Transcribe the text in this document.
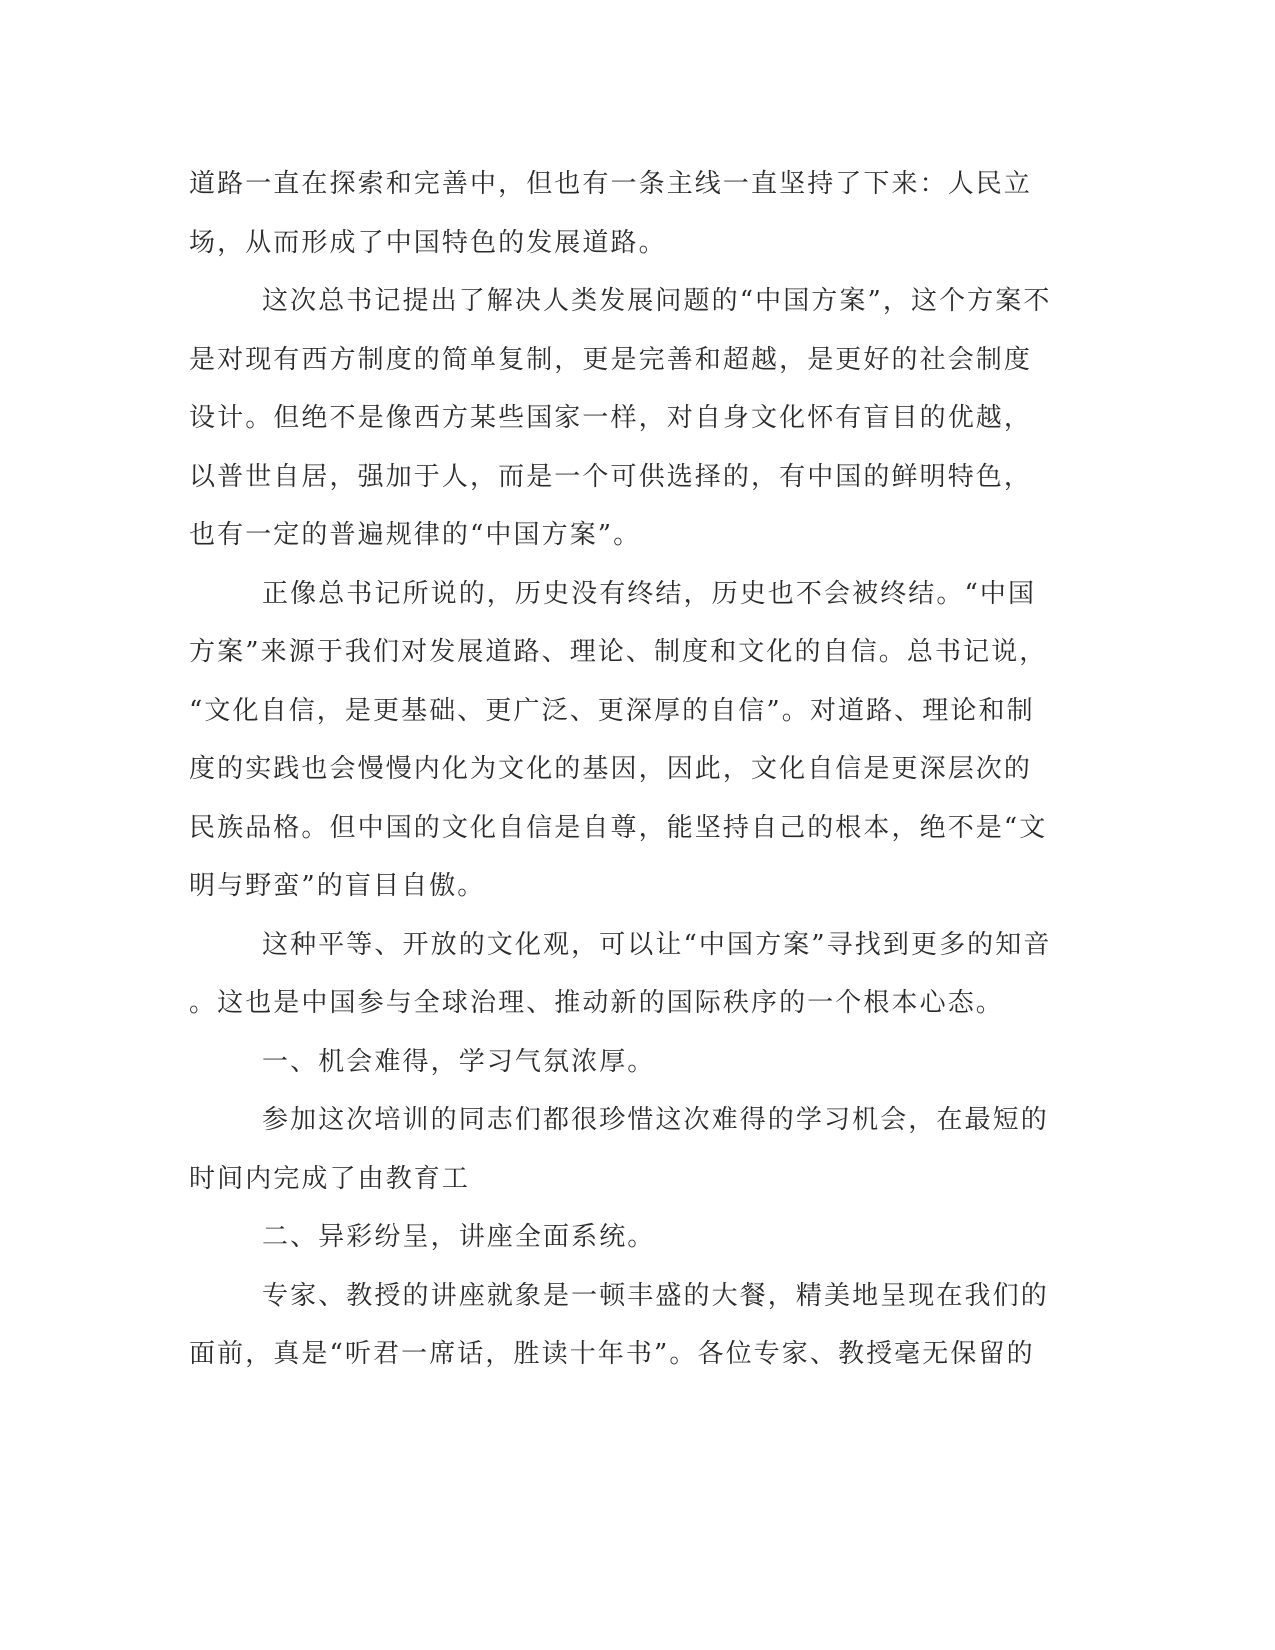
道路一直在探索和完善中，但也有一条主线一直坚持了下来：人民立
场，从而形成了中国特色的发展道路。
这次总书记提出了解决人类发展问题的“中国方案”，这个方案不
是对现有西方制度的简单复制，更是完善和超越，是更好的社会制度
设计。但绝不是像西方某些国家一样，对自身文化怀有盲目的优越，
以普世自居，强加于人，而是一个可供选择的，有中国的鲜明特色，
也有一定的普遍规律的“中国方案”。
正像总书记所说的，历史没有终结，历史也不会被终结。“中国
方案”来源于我们对发展道路、理论、制度和文化的自信。总书记说，
“文化自信，是更基础、更广泛、更深厚的自信”。对道路、理论和制
度的实践也会慢慢内化为文化的基因，因此，文化自信是更深层次的
民族品格。但中国的文化自信是自尊，能坚持自己的根本，绝不是“文
明与野蛮”的盲目自傲。
这种平等、开放的文化观，可以让“中国方案”寻找到更多的知音
。这也是中国参与全球治理、推动新的国际秩序的一个根本心态。
一、机会难得，学习气氛浓厚。
参加这次培训的同志们都很珍惜这次难得的学习机会，在最短的
时间内完成了由教育工
二、异彩纷呈，讲座全面系统。
专家、教授的讲座就象是一顿丰盛的大餐，精美地呈现在我们的
面前，真是“听君一席话，胜读十年书”。各位专家、教授毫无保留的
